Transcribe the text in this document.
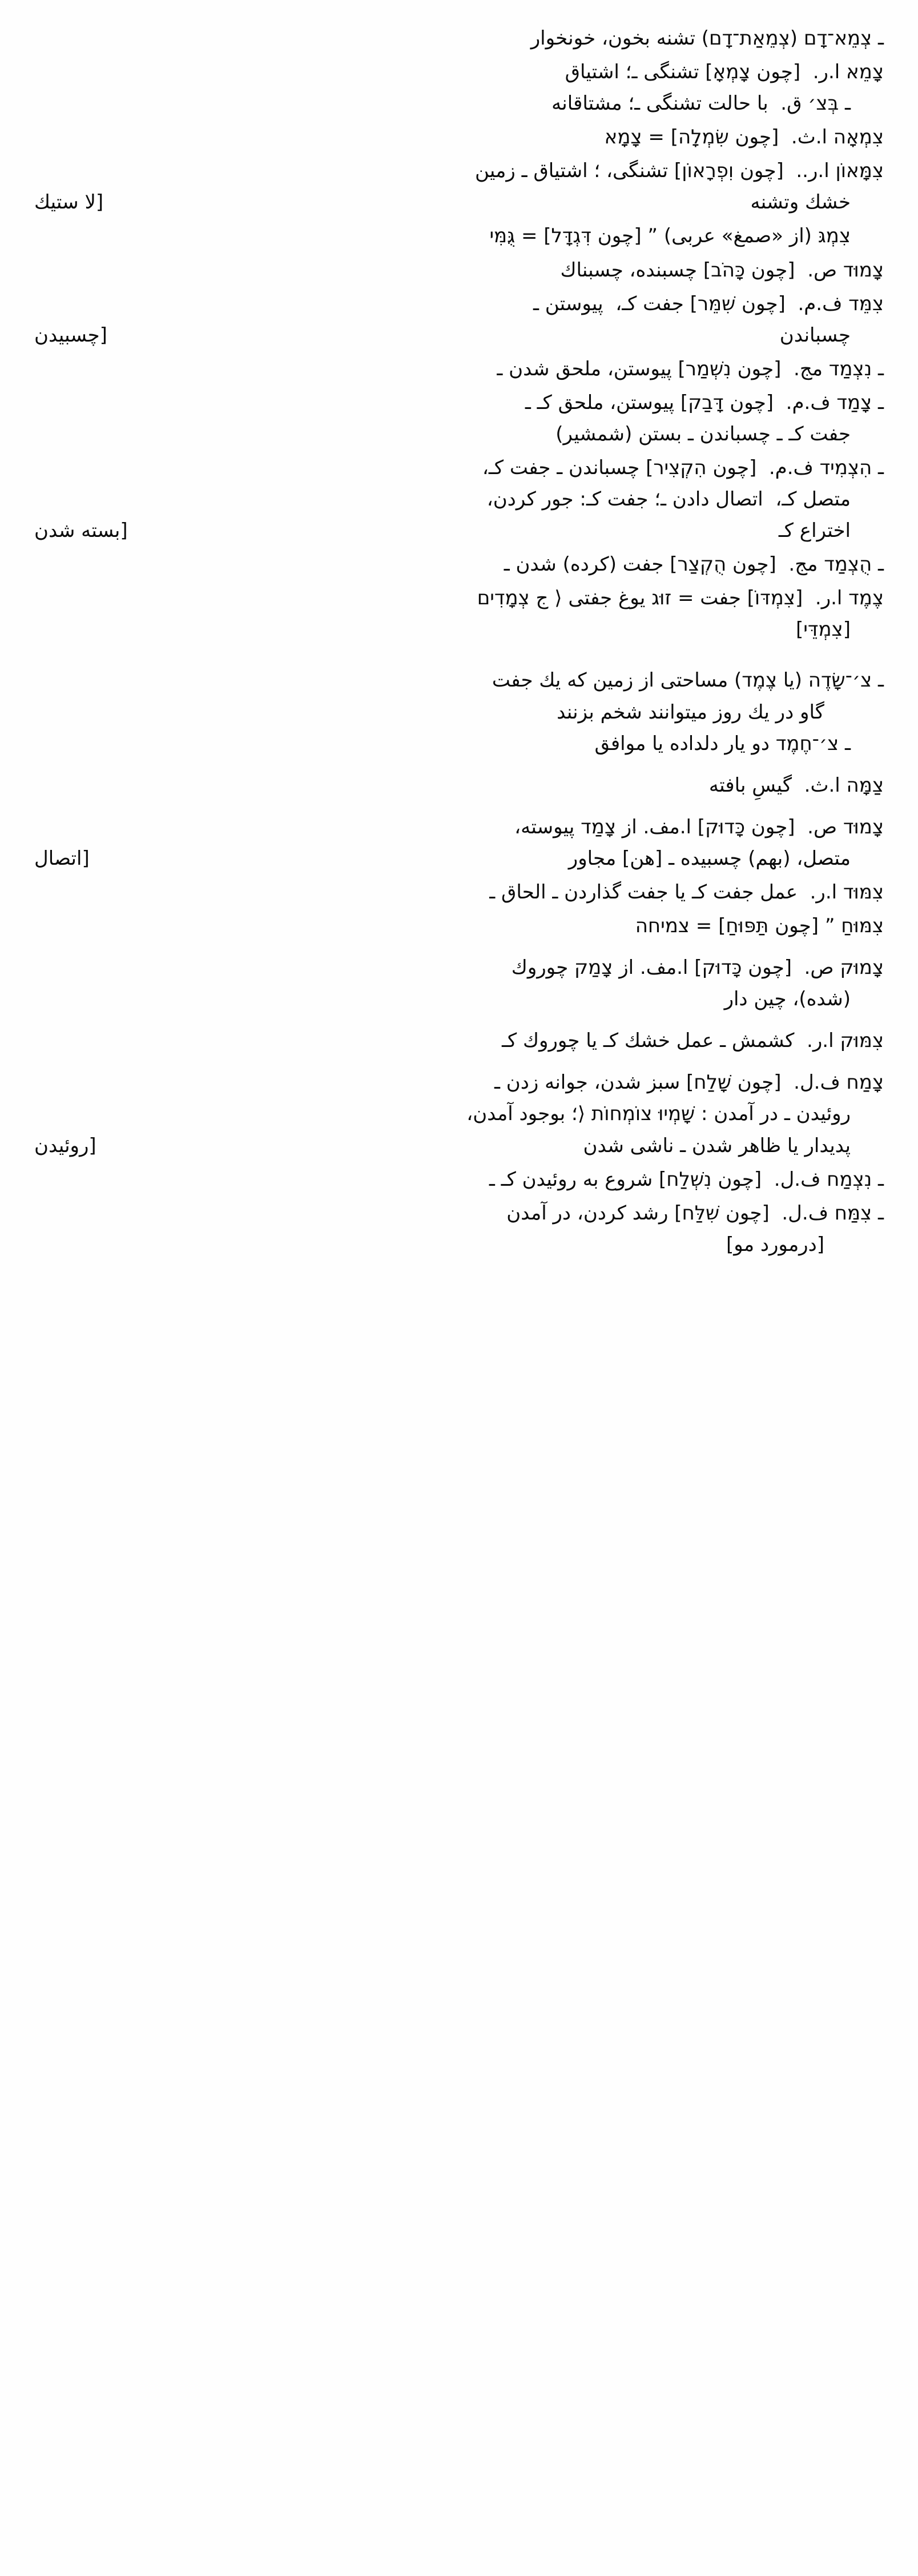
ـ צְמֵא־דָם (צְמֵאַת־דָם) تشنه بخون، خونخوار
צָמֵא ا.ر.  [چون צָמְאָ] تشنگی ـ؛ اشتیاق
ـ בְּצ׳ ق.  با حالت تشنگی ـ؛ مشتاقانه
צִמְאָה ا.ث.  [چون שִׂמְלָה] = צָמָא
צִמָּאוֹן ا.ر..  [چون וִפְרָאוֹן] تشنگی، ؛ اشتیاق ـ زمین
خشك وتشنه
[لا ستیك
צִמְגּ (از «صمغ» عربی) ” [چون דִּגְדָּל] = גֻּמִּי
צָמוּד ص.  [چون כָּהֹב] چسبنده، چسبناك
צִמֵּד ف.م.  [چون שִׁמֵּר] جفت كـ،  پیوستن ـ
چسباندن
[چسبیدن
ـ נִצְמַד مج.  [چون נִשְׁמַר] پیوستن، ملحق شدن ـ
ـ צָמַד ف.م.  [چون דָּבַק] پیوستن، ملحق كـ ـ
جفت كـ ـ چسباندن ـ بستن (شمشیر)
ـ הִצְמִיד ف.م.  [چون הִקְצִיר] چسباندن ـ جفت كـ،
متصل كـ،  اتصال دادن ـ؛ جفت كـ: جور كردن،
اختراع كـ
[بسته شدن
ـ הֻצְמַד مج.  [چون הֻקְצַר] جفت (كرده) شدن ـ
צֶמֶד ا.ر.  [צִמְדּוֹ] جفت = זוּג یوغ جفتی ⟨ ج צְמָדִים
[צִמְדֵּי]
ـ צ׳־שָׂדֶה (یا צֶמֶד) مساحتی از زمین كه یك جفت
گاو در یك روز میتوانند شخم بزنند
ـ צ׳־חֶמֶד دو یار دلداده یا موافق
צַמָּה ا.ث.  گیسِ بافته
צָמוּד ص.  [چون כָּדוּק] ا.مف. از צָמַד پیوسته،
متصل، (بهم) چسبیده ـ [هن] مجاور
[اتصال
צִמּוּד ا.ر.  عمل جفت كـ یا جفت گذاردن ـ الحاق ـ
צִמּוּחַ ” [چون תַּפּוּחַ] = צמיחה
צָמוּק ص.  [چون כָּדוּק] ا.مف. از צָמַק چوروك
(شده)، چین دار
צִמּוּק ا.ر.  كشمش ـ عمل خشك كـ یا چوروك كـ
צָמַח ف.ل.  [چون שָׁלַח] سبز شدن، جوانه زدن ـ
روئیدن ـ در آمدن : שָׁמְיוּ צוֹמְחוֹת ⟨؛ بوجود آمدن،
پدیدار یا ظاهر شدن ـ ناشی شدن
[روئیدن
ـ נִצְמַח ف.ل.  [چون נִשְׁלַח] شروع به روئیدن كـ ـ
ـ צִמַּח ف.ل.  [چون שִׁלַּח] رشد كردن، در آمدن
[درمورد مو]
